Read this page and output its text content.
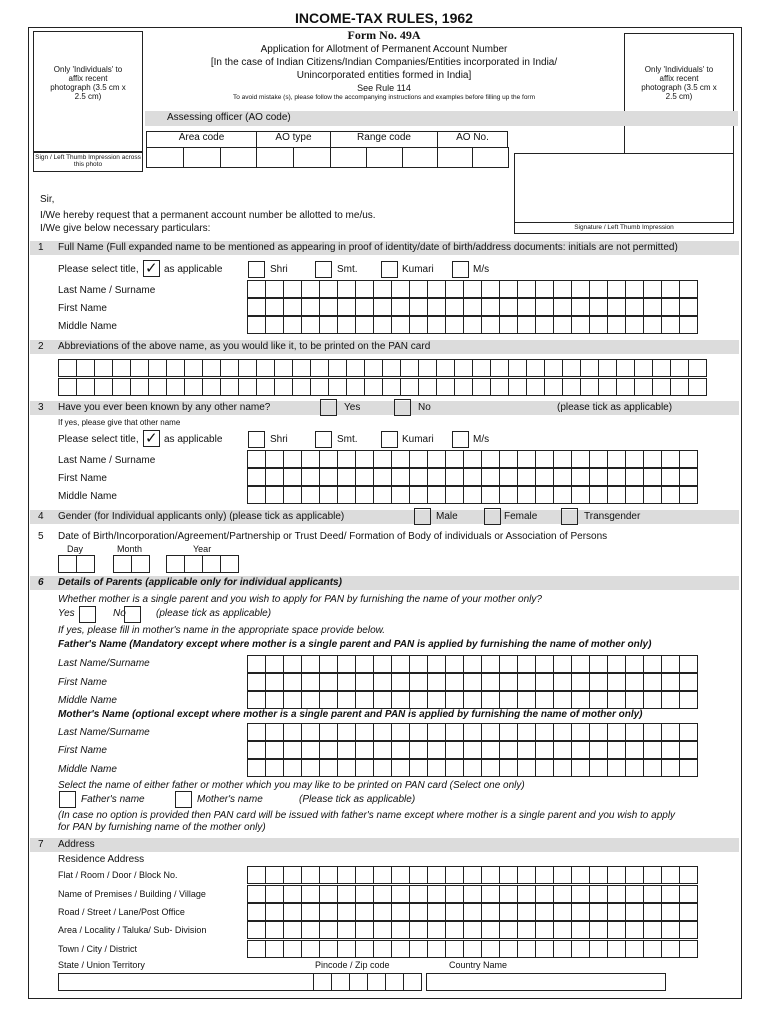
INCOME-TAX RULES, 1962
Form No. 49A
Application for Allotment of Permanent Account Number
[In the case of Indian Citizens/Indian Companies/Entities incorporated in India/
Unincorporated entities formed in India]
See Rule 114
To avoid mistake (s), please follow the accompanying instructions and examples before filling up the form
Only 'Individuals' to affix recent photograph (3.5 cm x 2.5 cm)
Sign / Left Thumb Impression across this photo
Only 'Individuals' to affix recent photograph (3.5 cm x 2.5 cm)
Signature / Left Thumb Impression
Assessing officer (AO code)
Area code	AO type	Range code	AO No.
Sir,
I/We hereby request that a permanent account number be allotted to me/us.
I/We give below necessary particulars:
1 Full Name (Full expanded name to be mentioned as appearing in proof of identity/date of birth/address documents: initials are not permitted)
Please select title, ✓ as applicable	Shri	Smt.	Kumari	M/s
Last Name / Surname
First Name
Middle Name
2 Abbreviations of the above name, as you would like it, to be printed on the PAN card
3 Have you ever been known by any other name?	Yes	No	(please tick as applicable)
If yes, please give that other name
Please select title, ✓ as applicable	Shri	Smt.	Kumari	M/s
Last Name / Surname
First Name
Middle Name
4 Gender (for Individual applicants only) (please tick as applicable)	Male	Female	Transgender
5 Date of Birth/Incorporation/Agreement/Partnership or Trust Deed/ Formation of Body of individuals or Association of Persons
Day	Month	Year
6 Details of Parents (applicable only for individual applicants)
Whether mother is a single parent and you wish to apply for PAN by furnishing the name of your mother only?
Yes	No	(please tick as applicable)
If yes, please fill in mother's name in the appropriate space provide below.
Father's Name (Mandatory except where mother is a single parent and PAN is applied by furnishing the name of mother only)
Last Name/Surname
First Name
Middle Name
Mother's Name (optional except where mother is a single parent and PAN is applied by furnishing the name of mother only)
Last Name/Surname
First Name
Middle Name
Select the name of either father or mother which you may like to be printed on PAN card (Select one only)
Father's name	Mother's name	(Please tick as applicable)
(In case no option is provided then PAN card will be issued with father's name except where mother is a single parent and you wish to apply
for PAN by furnishing name of the mother only)
7 Address
Residence Address
Flat / Room / Door / Block No.
Name of Premises / Building / Village
Road / Street / Lane/Post Office
Area / Locality / Taluka/ Sub- Division
Town / City / District
State / Union Territory	Pincode / Zip code	Country Name
